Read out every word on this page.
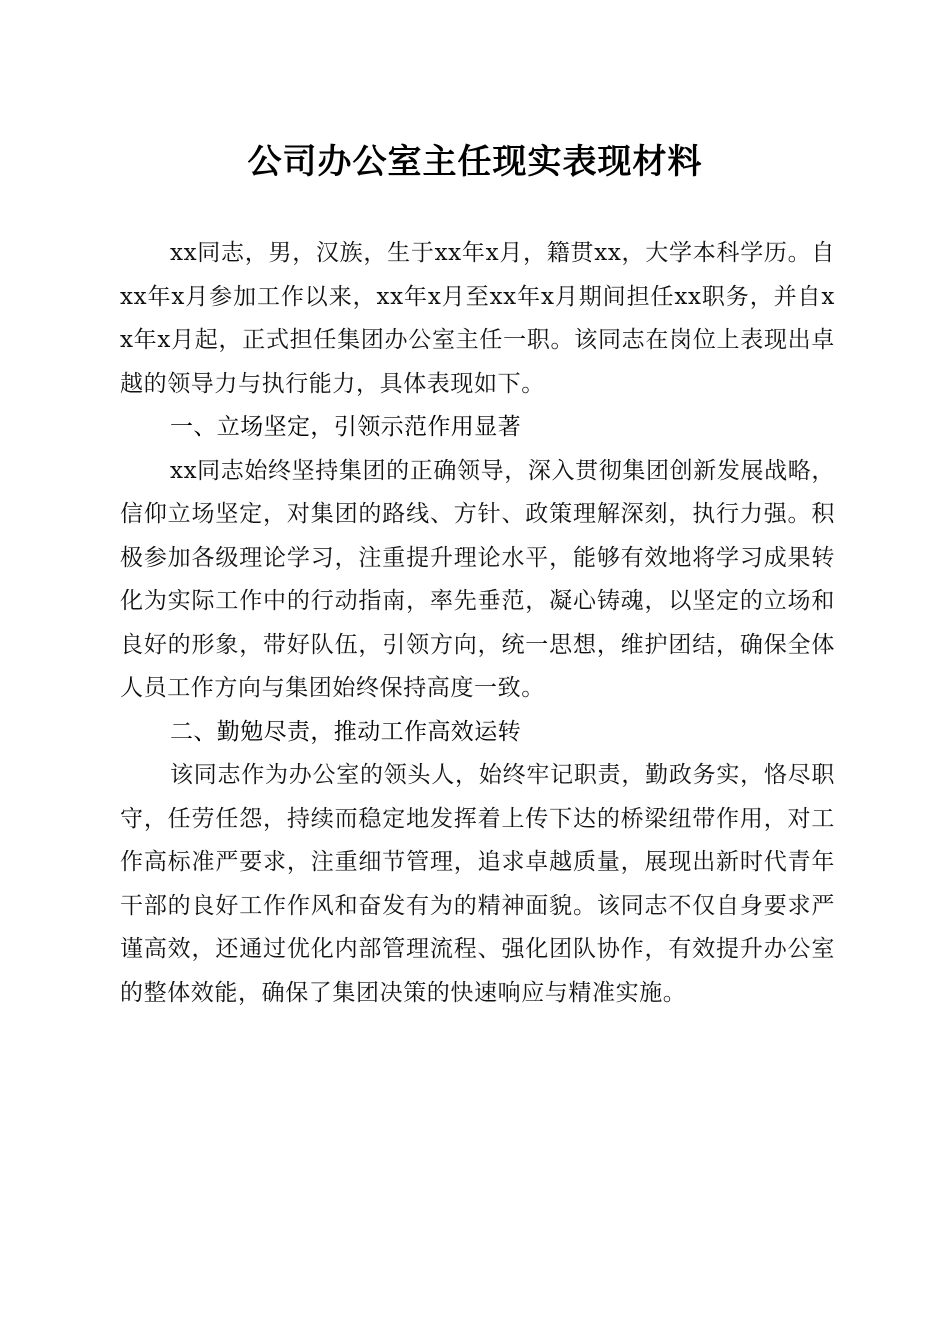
公司办公室主任现实表现材料

xx同志，男，汉族，生于xx年x月，籍贯xx，大学本科学历。自xx年x月参加工作以来，xx年x月至xx年x月期间担任xx职务，并自xx年x月起，正式担任集团办公室主任一职。该同志在岗位上表现出卓越的领导力与执行能力，具体表现如下。

一、立场坚定，引领示范作用显著

xx同志始终坚持集团的正确领导，深入贯彻集团创新发展战略，信仰立场坚定，对集团的路线、方针、政策理解深刻，执行力强。积极参加各级理论学习，注重提升理论水平，能够有效地将学习成果转化为实际工作中的行动指南，率先垂范，凝心铸魂，以坚定的立场和良好的形象，带好队伍，引领方向，统一思想，维护团结，确保全体人员工作方向与集团始终保持高度一致。

二、勤勉尽责，推动工作高效运转

该同志作为办公室的领头人，始终牢记职责，勤政务实，恪尽职守，任劳任怨，持续而稳定地发挥着上传下达的桥梁纽带作用，对工作高标准严要求，注重细节管理，追求卓越质量，展现出新时代青年干部的良好工作作风和奋发有为的精神面貌。该同志不仅自身要求严谨高效，还通过优化内部管理流程、强化团队协作，有效提升办公室的整体效能，确保了集团决策的快速响应与精准实施。
